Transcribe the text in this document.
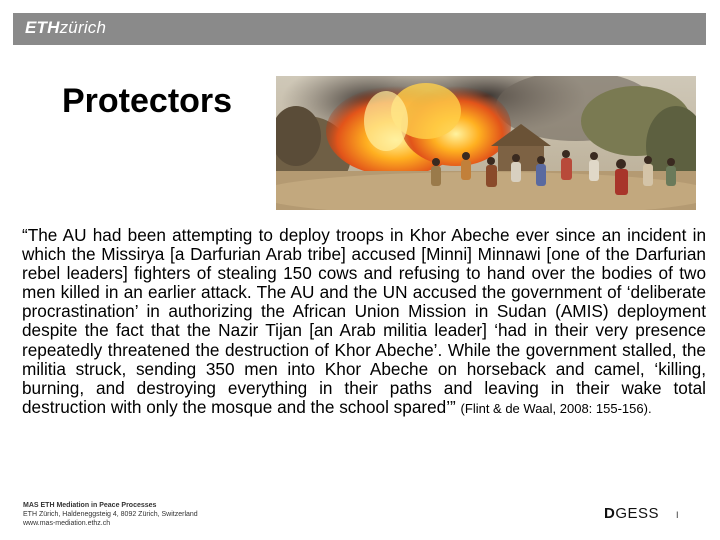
ETHzürich
Protectors
“The AU had been attempting to deploy troops in Khor Abeche ever since an incident in which the Missirya [a Darfurian Arab tribe] accused [Minni] Minnawi [one of the Darfurian rebel leaders] fighters of stealing 150 cows and refusing to hand over the bodies of two men killed in an earlier attack. The AU and the UN accused the government of ‘deliberate procrastination’ in authorizing the African Union Mission in Sudan (AMIS) deployment despite the fact that the Nazir Tijan [an Arab militia leader] ‘had in their very presence repeatedly threatened the destruction of Khor Abeche’. While the government stalled, the militia struck, sending 350 men into Khor Abeche on horseback and camel, ‘killing, burning, and destroying everything in their paths and leaving in their wake total destruction with only the mosque and the school spared’” (Flint & de Waal, 2008: 155-156).
MAS ETH Mediation in Peace Processes
ETH Zürich, Haldeneggsteig 4, 8092 Zürich, Switzerland
www.mas-mediation.ethz.ch
DGESS I
